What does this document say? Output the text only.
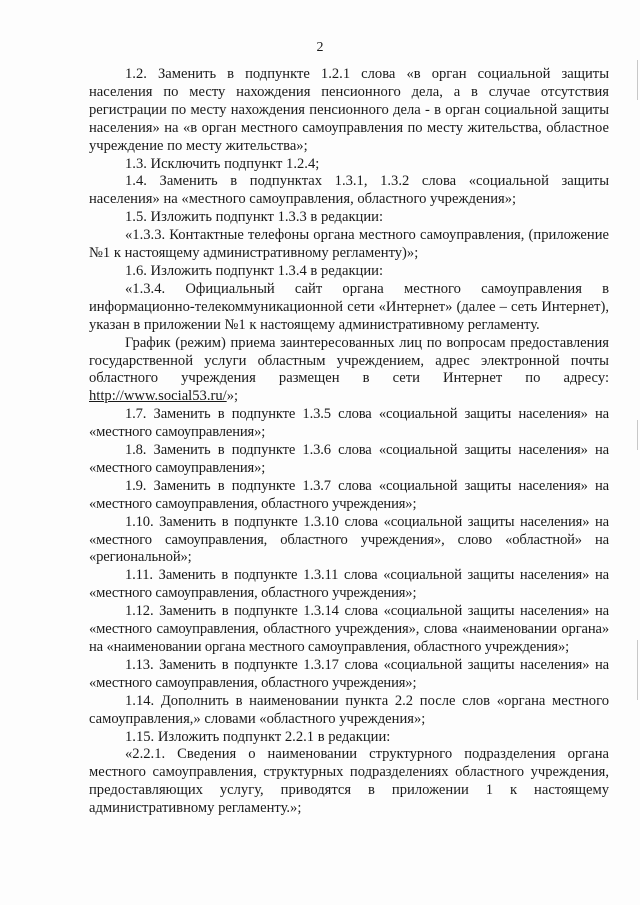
2

1.2. Заменить в подпункте 1.2.1 слова «в орган социальной защиты населения по месту нахождения пенсионного дела, а в случае отсутствия регистрации по месту нахождения пенсионного дела - в орган социальной защиты населения» на «в орган местного самоуправления по месту жительства, областное учреждение по месту жительства»;

1.3. Исключить подпункт 1.2.4;

1.4. Заменить в подпунктах 1.3.1, 1.3.2 слова «социальной защиты населения» на «местного самоуправления, областного учреждения»;

1.5. Изложить подпункт 1.3.3 в редакции:

«1.3.3. Контактные телефоны органа местного самоуправления, (приложение №1 к настоящему административному регламенту)»;

1.6. Изложить подпункт 1.3.4 в редакции:

«1.3.4. Официальный сайт органа местного самоуправления в информационно-телекоммуникационной сети «Интернет» (далее – сеть Интернет), указан в приложении №1 к настоящему административному регламенту.

График (режим) приема заинтересованных лиц по вопросам предоставления государственной услуги областным учреждением, адрес электронной почты областного учреждения размещен в сети Интернет по адресу: http://www.social53.ru/»;

1.7. Заменить в подпункте 1.3.5 слова «социальной защиты населения» на «местного самоуправления»;

1.8. Заменить в подпункте 1.3.6 слова «социальной защиты населения» на «местного самоуправления»;

1.9. Заменить в подпункте 1.3.7 слова «социальной защиты населения» на «местного самоуправления, областного учреждения»;

1.10. Заменить в подпункте 1.3.10 слова «социальной защиты населения» на «местного самоуправления, областного учреждения», слово «областной» на «региональной»;

1.11. Заменить в подпункте 1.3.11 слова «социальной защиты населения» на «местного самоуправления, областного учреждения»;

1.12. Заменить в подпункте 1.3.14 слова «социальной защиты населения» на «местного самоуправления, областного учреждения», слова «наименовании органа» на «наименовании органа местного самоуправления, областного учреждения»;

1.13. Заменить в подпункте 1.3.17 слова «социальной защиты населения» на «местного самоуправления, областного учреждения»;

1.14. Дополнить в наименовании пункта 2.2 после слов «органа местного самоуправления,» словами «областного учреждения»;

1.15. Изложить подпункт 2.2.1 в редакции:

«2.2.1. Сведения о наименовании структурного подразделения органа местного самоуправления, структурных подразделениях областного учреждения, предоставляющих услугу, приводятся в приложении 1 к настоящему административному регламенту.»;
